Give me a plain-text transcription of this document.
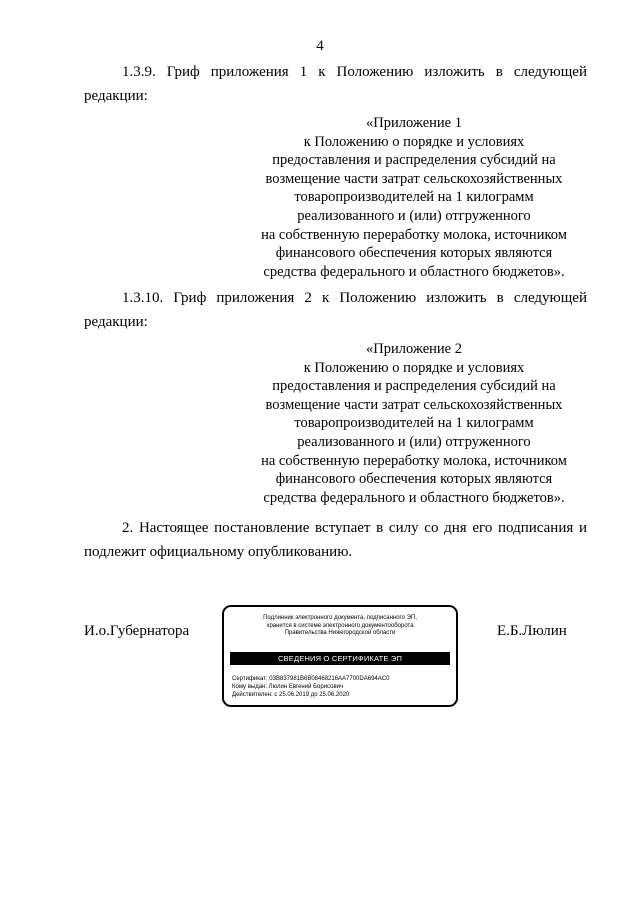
4

1.3.9. Гриф приложения 1 к Положению изложить в следующей редакции:

«Приложение 1
к Положению о порядке и условиях
предоставления и распределения субсидий на
возмещение части затрат сельскохозяйственных
товаропроизводителей на 1 килограмм
реализованного и (или) отгруженного
на собственную переработку молока, источником
финансового обеспечения которых являются
средства федерального и областного бюджетов».

1.3.10. Гриф приложения 2 к Положению изложить в следующей редакции:

«Приложение 2
к Положению о порядке и условиях
предоставления и распределения субсидий на
возмещение части затрат сельскохозяйственных
товаропроизводителей на 1 килограмм
реализованного и (или) отгруженного
на собственную переработку молока, источником
финансового обеспечения которых являются
средства федерального и областного бюджетов».

2. Настоящее постановление вступает в силу со дня его подписания и подлежит официальному опубликованию.

И.о.Губернатора
Подлинник электронного документа, подписанного ЭП,
хранится в системе электронного документооборота
Правительства Нижегородской области
СВЕДЕНИЯ О СЕРТИФИКАТЕ ЭП
Сертификат: 03B837981B6B08468216AA7700DA694AC0
Кому выдан: Люлин Евгений Борисович
Действителен: с 25.06.2019 до 25.06.2020
Е.Б.Люлин
